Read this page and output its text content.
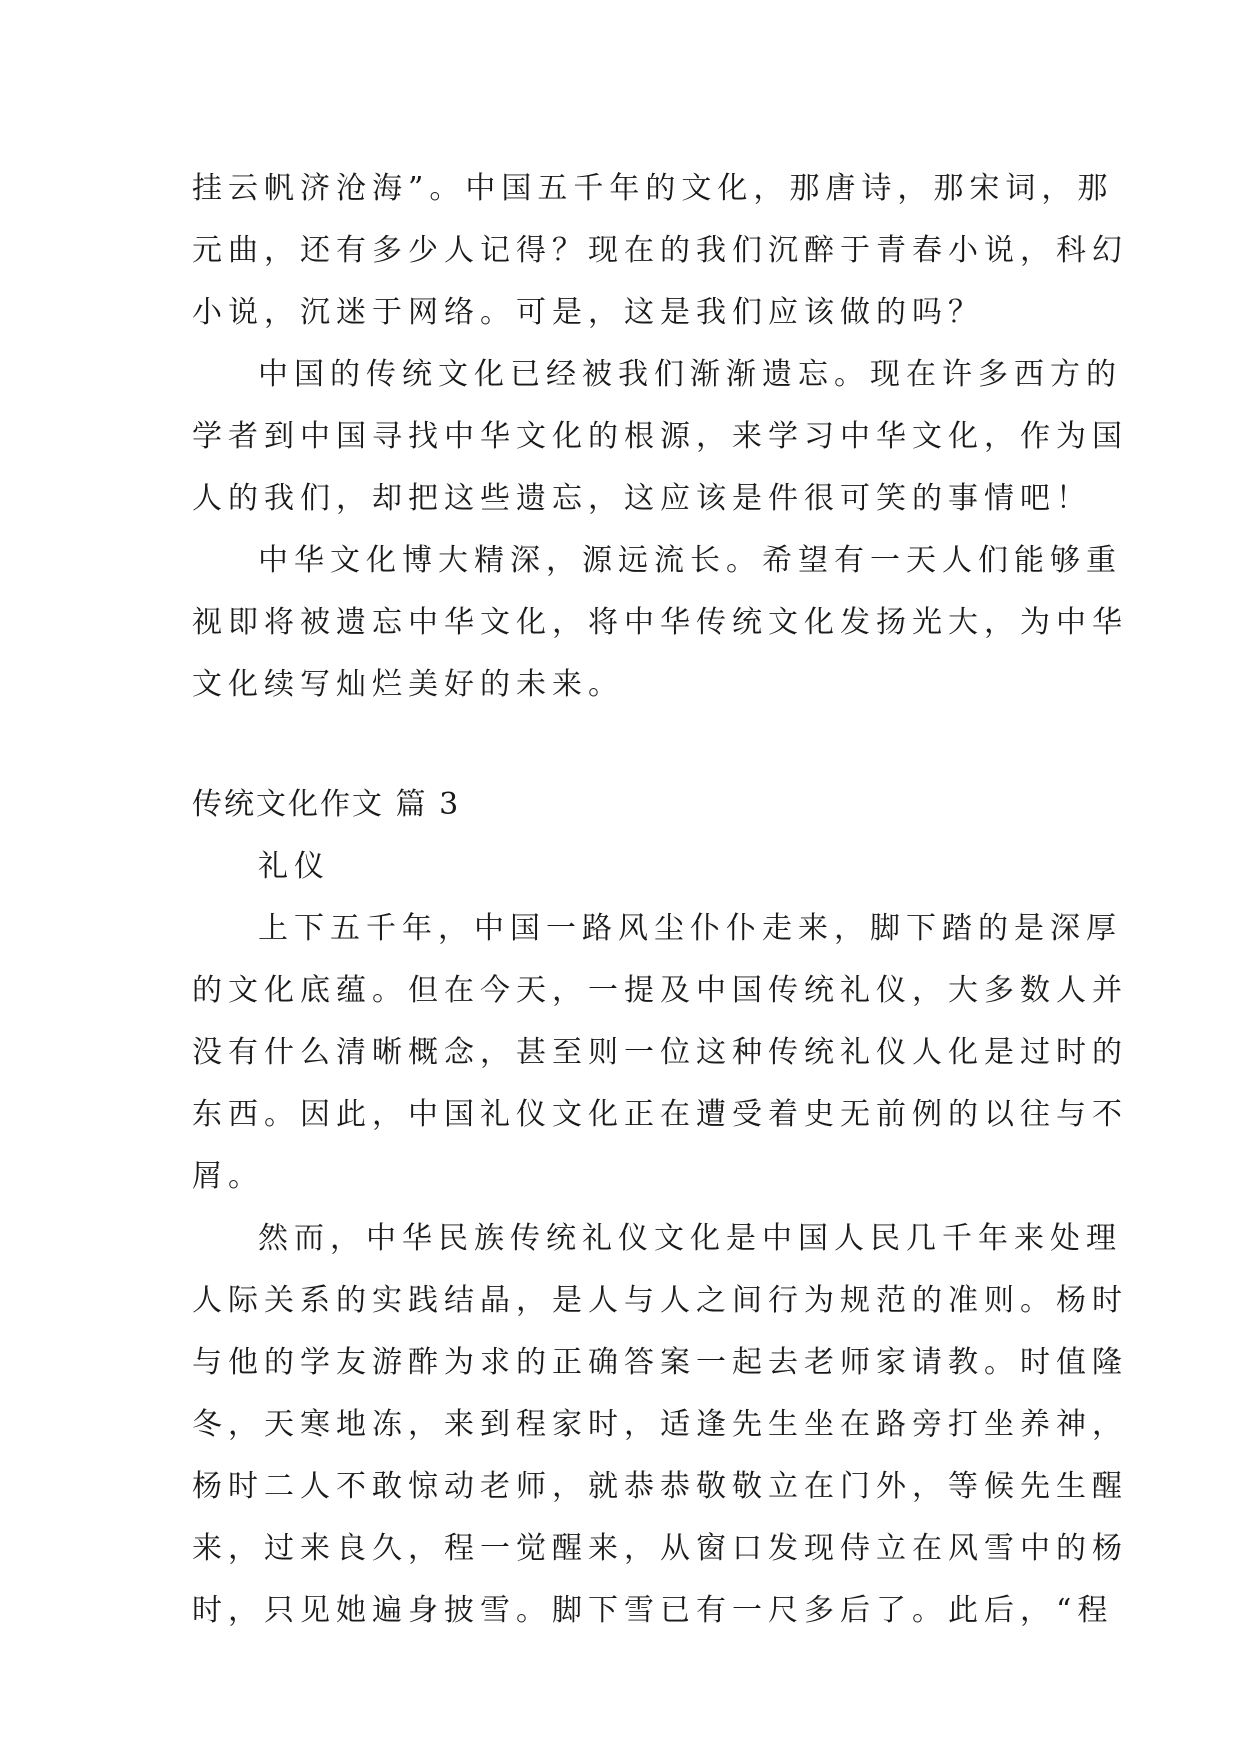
挂云帆济沧海”。中国五千年的文化，那唐诗，那宋词，那
元曲，还有多少人记得？现在的我们沉醉于青春小说，科幻
小说，沉迷于网络。可是，这是我们应该做的吗？
中国的传统文化已经被我们渐渐遗忘。现在许多西方的
学者到中国寻找中华文化的根源，来学习中华文化，作为国
人的我们，却把这些遗忘，这应该是件很可笑的事情吧！
中华文化博大精深，源远流长。希望有一天人们能够重
视即将被遗忘中华文化，将中华传统文化发扬光大，为中华
文化续写灿烂美好的未来。
传统文化作文 篇 3
礼仪
上下五千年，中国一路风尘仆仆走来，脚下踏的是深厚
的文化底蕴。但在今天，一提及中国传统礼仪，大多数人并
没有什么清晰概念，甚至则一位这种传统礼仪人化是过时的
东西。因此，中国礼仪文化正在遭受着史无前例的以往与不
屑。
然而，中华民族传统礼仪文化是中国人民几千年来处理
人际关系的实践结晶，是人与人之间行为规范的准则。杨时
与他的学友游酢为求的正确答案一起去老师家请教。时值隆
冬，天寒地冻，来到程家时，适逢先生坐在路旁打坐养神，
杨时二人不敢惊动老师，就恭恭敬敬立在门外，等候先生醒
来，过来良久，程一觉醒来，从窗口发现侍立在风雪中的杨
时，只见她遍身披雪。脚下雪已有一尺多后了。此后，“程
